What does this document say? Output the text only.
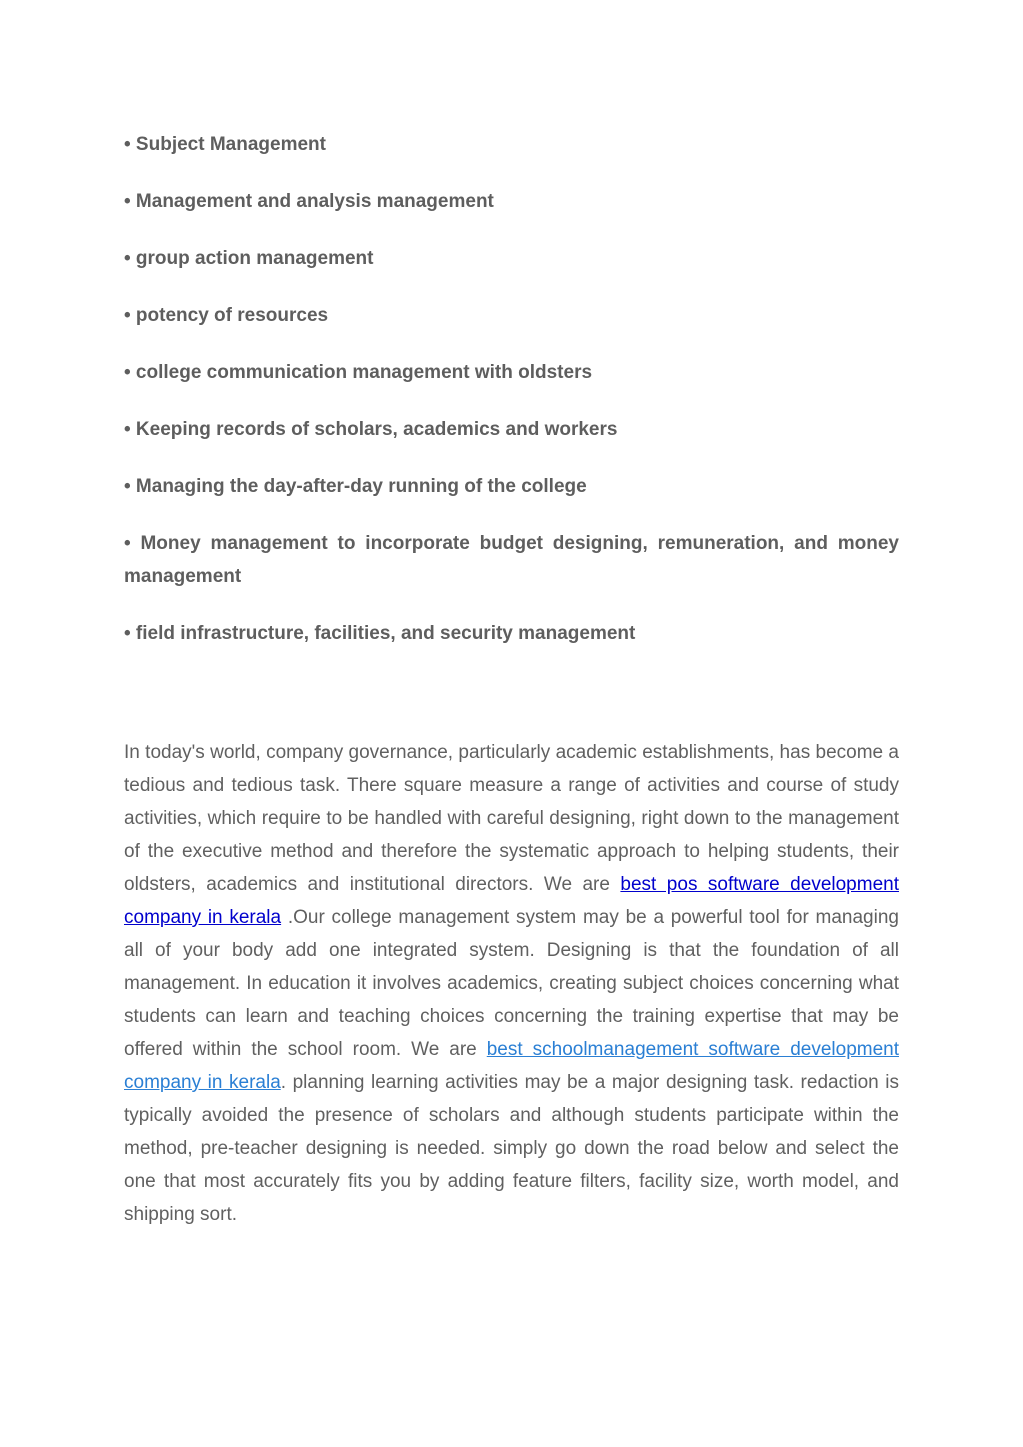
• Subject Management

• Management and analysis management

• group action management

• potency of resources

• college communication management with oldsters

• Keeping records of scholars, academics and workers

• Managing the day-after-day running of the college

• Money management to incorporate budget designing, remuneration, and money management

• field infrastructure, facilities, and security management

In today's world, company governance, particularly academic establishments, has become a tedious and tedious task. There square measure a range of activities and course of study activities, which require to be handled with careful designing, right down to the management of the executive method and therefore the systematic approach to helping students, their oldsters, academics and institutional directors. We are best pos software development company in kerala .Our college management system may be a powerful tool for managing all of your body add one integrated system. Designing is that the foundation of all management. In education it involves academics, creating subject choices concerning what students can learn and teaching choices concerning the training expertise that may be offered within the school room. We are best schoolmanagement software development company in kerala. planning learning activities may be a major designing task. redaction is typically avoided the presence of scholars and although students participate within the method, pre-teacher designing is needed. simply go down the road below and select the one that most accurately fits you by adding feature filters, facility size, worth model, and shipping sort.
